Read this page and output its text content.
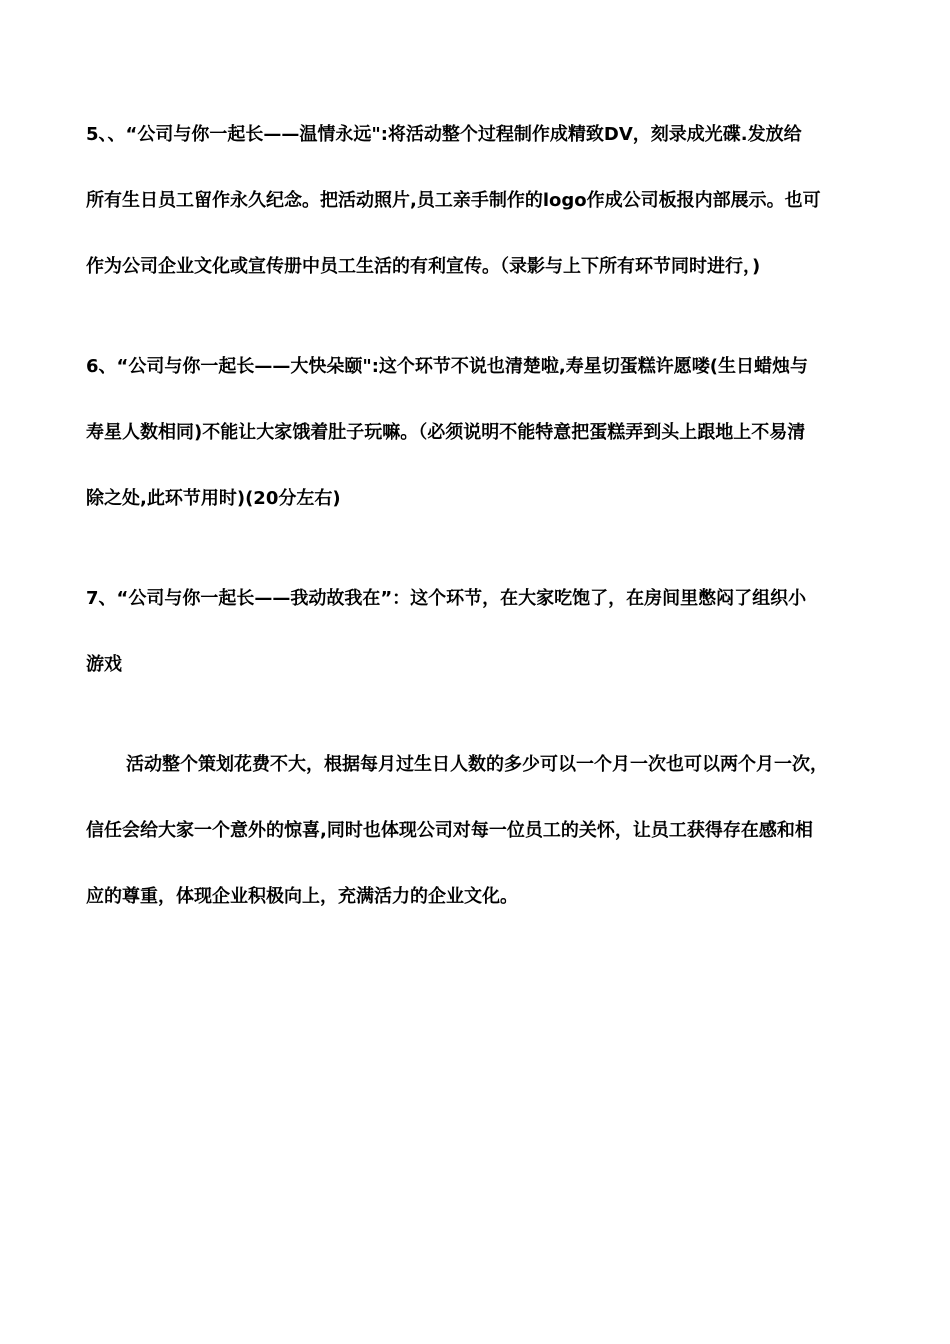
5、、“公司与你一起长——温情永远":将活动整个过程制作成精致DV，刻录成光碟.发放给

所有生日员工留作永久纪念。把活动照片,员工亲手制作的logo作成公司板报内部展示。也可

作为公司企业文化或宣传册中员工生活的有利宣传。（录影与上下所有环节同时进行，)

6、“公司与你一起长——大快朵颐":这个环节不说也清楚啦,寿星切蛋糕许愿喽(生日蜡烛与

寿星人数相同)不能让大家饿着肚子玩嘛。（必须说明不能特意把蛋糕弄到头上跟地上不易清

除之处,此环节用时)(20分左右)

7、“公司与你一起长——我动故我在”：这个环节，在大家吃饱了，在房间里憋闷了组织小

游戏

活动整个策划花费不大，根据每月过生日人数的多少可以一个月一次也可以两个月一次，

信任会给大家一个意外的惊喜,同时也体现公司对每一位员工的关怀，让员工获得存在感和相

应的尊重，体现企业积极向上，充满活力的企业文化。
